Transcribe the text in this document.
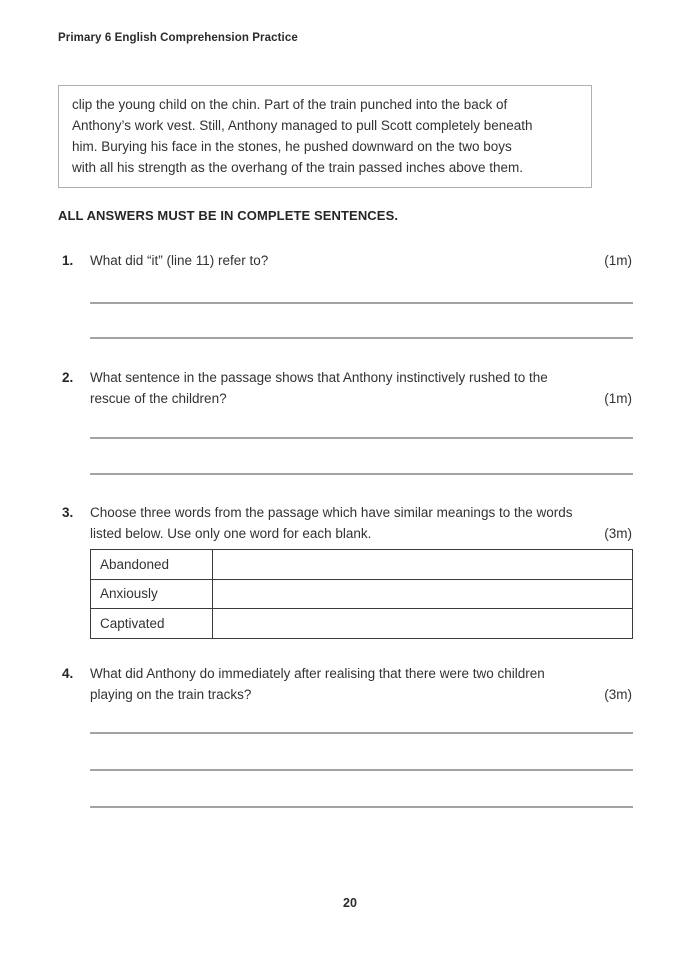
Primary 6 English Comprehension Practice
clip the young child on the chin. Part of the train punched into the back of
Anthony’s work vest. Still, Anthony managed to pull Scott completely beneath
him. Burying his face in the stones, he pushed downward on the two boys
with all his strength as the overhang of the train passed inches above them.
ALL ANSWERS MUST BE IN COMPLETE SENTENCES.
1.	What did “it” (line 11) refer to?	(1m)
2.	What sentence in the passage shows that Anthony instinctively rushed to the
rescue of the children?	(1m)
3.	Choose three words from the passage which have similar meanings to the words
listed below. Use only one word for each blank.	(3m)
Abandoned	
Anxiously	
Captivated	
4.	What did Anthony do immediately after realising that there were two children
playing on the train tracks?	(3m)
20
